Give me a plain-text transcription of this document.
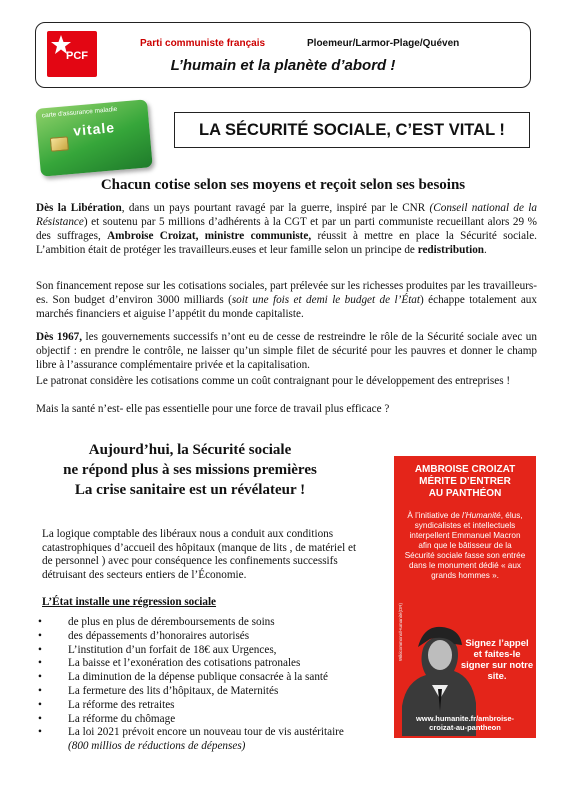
PCF
Parti communiste français	Ploemeur/Larmor-Plage/Quéven
L’humain et la planète d’abord !
carte d'assurance maladie
vitale	LA SÉCURITÉ SOCIALE, C’EST VITAL !
Chacun cotise selon ses moyens et reçoit selon ses besoins

Dès la Libération, dans un pays pourtant ravagé par la guerre, inspiré par le CNR (Conseil national de la Résistance) et soutenu par 5 millions d’adhérents à la CGT et par un parti communiste recueillant alors 29 % des suffrages, Ambroise Croizat, ministre communiste, réussit à mettre en place la Sécurité sociale. L’ambition était de protéger les travailleurs.euses et leur famille selon un principe de redistribution.

Son financement repose sur les cotisations sociales, part prélevée sur les richesses produites par les travailleurs-es. Son budget d’environ 3000 milliards (soit une fois et demi le budget de l’État) échappe totalement aux marchés financiers et aiguise l’appétit du monde capitaliste.

Dès 1967, les gouvernements successifs n’ont eu de cesse de restreindre le rôle de la Sécurité sociale avec un objectif : en prendre le contrôle, ne laisser qu’un simple filet de sécurité pour les pauvres et donner le champ libre à l’assurance complémentaire privée et la capitalisation.

Le patronat considère les cotisations comme un coût contraignant pour le développement des entreprises !

Mais la santé n’est- elle pas essentielle pour une force de travail plus efficace ?

Aujourd’hui, la Sécurité sociale
ne répond plus à ses missions premières
La crise sanitaire est un révélateur !

La logique comptable des libéraux nous a conduit aux conditions catastrophiques d’accueil des hôpitaux (manque de lits , de matériel et de personnel ) avec pour conséquence les confinements successifs détruisant des secteurs entiers de l’Économie.

L’État installe une régression sociale
• de plus en plus de déremboursements de soins
• des dépassements d’honoraires autorisés
• L’institution d’un forfait de 18€ aux Urgences,
• La baisse et l’exonération des cotisations patronales
• La diminution de la dépense publique consacrée à la santé
• La fermeture des lits d’hôpitaux, de Maternités
• La réforme des retraites
• La réforme du chômage
• La loi 2021 prévoit encore un nouveau tour de vis austéritaire
(800 millios de réductions de dépenses)
AMBROISE CROIZAT
MÉRITE D’ENTRER
AU PANTHÉON
À l’initiative de l’Humanité, élus, syndicalistes et intellectuels interpellent Emmanuel Macron afin que le bâtisseur de la Sécurité sociale fasse son entrée dans le monument dédié « aux grands hommes ».
Signez l’appel et faites-le signer sur notre site.
Wikicommons/Humanité(DR)
www.humanite.fr/ambroise-
croizat-au-pantheon
